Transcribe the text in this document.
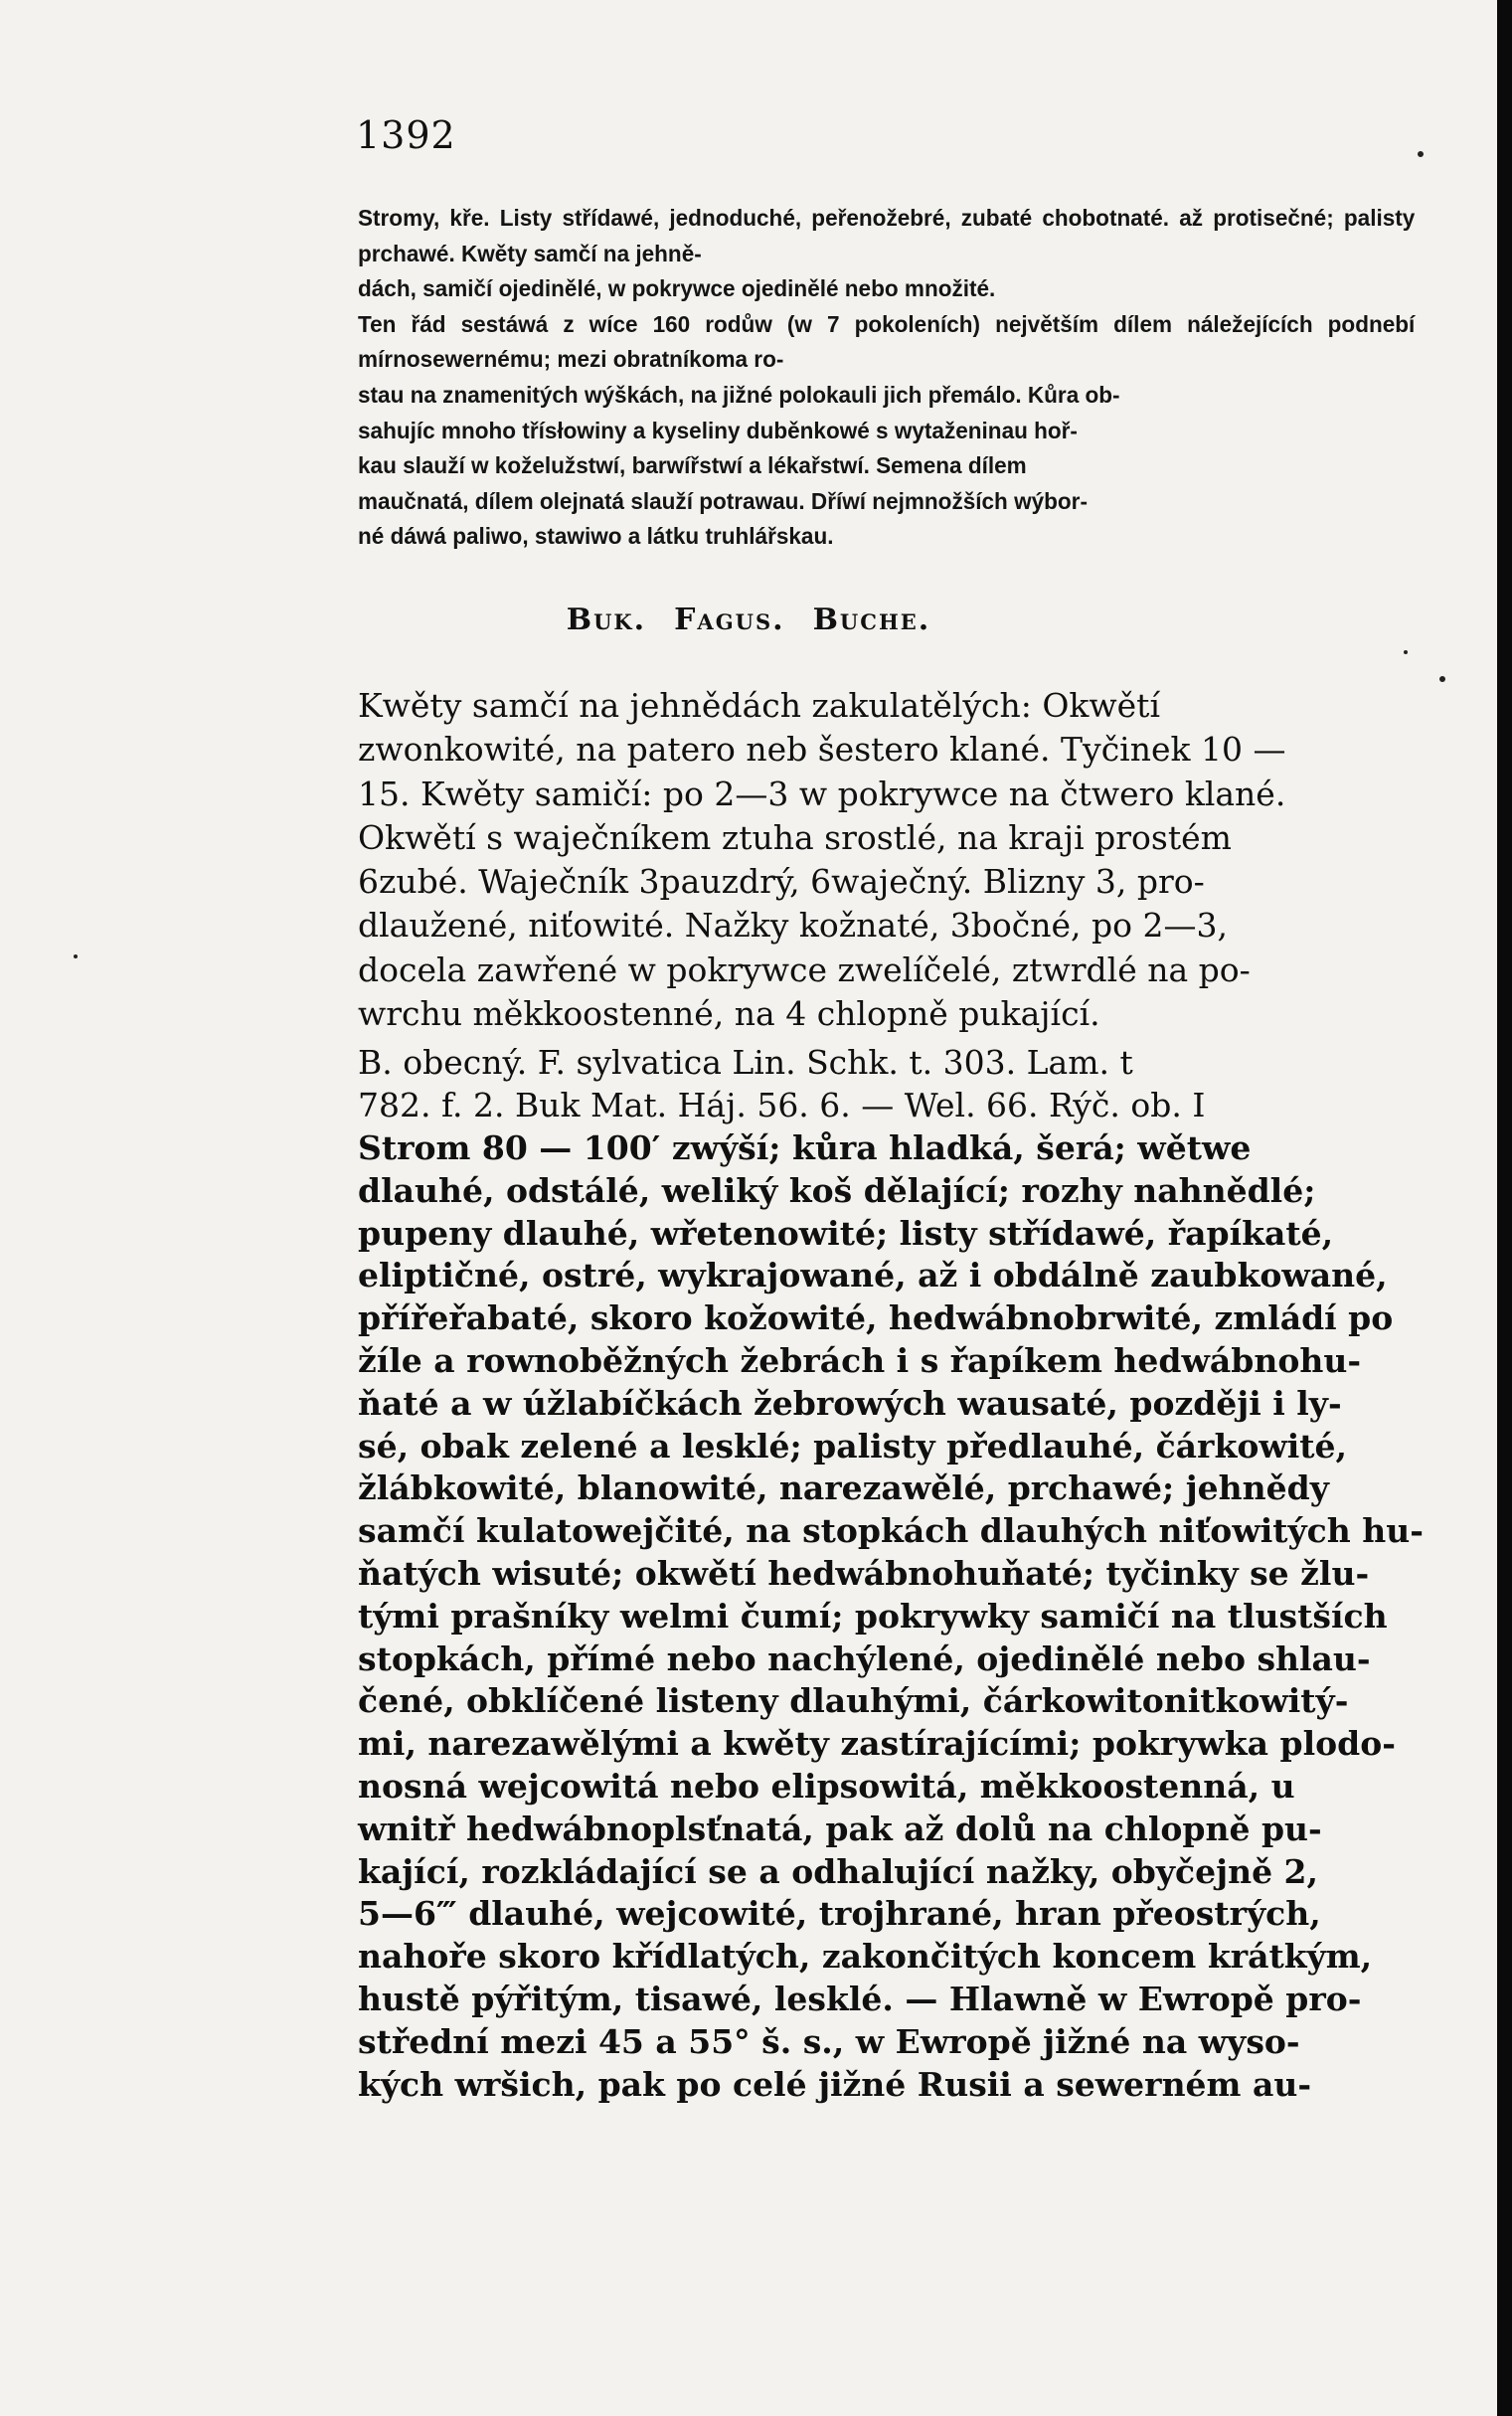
1392

Stromy, kře. Listy střídawé, jednoduché, peřenožebré, zubaté chobotnaté. až protisečné; palisty prchawé. Kwěty samčí na jehně-
dách, samičí ojedinělé, w pokrywce ojedinělé nebo množité.
Ten řád sestáwá z wíce 160 rodůw (w 7 pokoleních) největším dílem náležejících podnebí mírnosewernému; mezi obratníkoma ro-
stau na znamenitých wýškách, na jižné polokauli jich přemálo. Kůra ob-
sahujíc mnoho třísłowiny a kyseliny duběnkowé s wytaženinau hoř-
kau slauží w koželužstwí, barwířstwí a lékařstwí. Semena dílem
maučnatá, dílem olejnatá slauží potrawau. Dříwí nejmnožších wýbor-
né dáwá paliwo, stawiwo a látku truhlářskau.

Buk. Fagus. Buche.

Kwěty samčí na jehnědách zakulatělých: Okwětí
zwonkowité, na patero neb šestero klané. Tyčinek 10 —
15. Kwěty samičí: po 2—3 w pokrywce na čtwero klané.
Okwětí s waječníkem ztuha srostlé, na kraji prostém
6zubé. Waječník 3pauzdrý, 6waječný. Blizny 3, pro-
dlaužené, niťowité. Nažky kožnaté, 3bočné, po 2—3,
docela zawřené w pokrywce zwelíčelé, ztwrdlé na po-
wrchu měkkoostenné, na 4 chlopně pukající.

B. obecný. F. sylvatica Lin. Schk. t. 303. Lam. t
782. f. 2. Buk Mat. Háj. 56. 6. — Wel. 66. Rýč. ob. I

Strom 80 — 100′ zwýší; kůra hladká, šerá; wětwe
dlauhé, odstálé, weliký koš dělající; rozhy nahnědlé;
pupeny dlauhé, wřetenowité; listy střídawé, řapíkaté,
eliptičné, ostré, wykrajowané, až i obdálně zaubkowané,
přířeřabaté, skoro kožowité, hedwábnobrwité, zmládí po
žíle a rownoběžných žebrách i s řapíkem hedwábnohu-
ňaté a w úžlabíčkách žebrowých wausaté, později i ly-
sé, obak zelené a lesklé; palisty předlauhé, čárkowité,
žlábkowité, blanowité, narezawělé, prchawé; jehnědy
samčí kulatowejčité, na stopkách dlauhých niťowitých hu-
ňatých wisuté; okwětí hedwábnohuňaté; tyčinky se žlu-
tými prašníky welmi čumí; pokrywky samičí na tlustších
stopkách, přímé nebo nachýlené, ojedinělé nebo shlau-
čené, obklíčené listeny dlauhými, čárkowitonitkowitý-
mi, narezawělými a kwěty zastírajícími; pokrywka plodo-
nosná wejcowitá nebo elipsowitá, měkkoostenná, u
wnitř hedwábnoplsťnatá, pak až dolů na chlopně pu-
kající, rozkládající se a odhalující nažky, obyčejně 2,
5—6‴ dlauhé, wejcowité, trojhrané, hran přeostrých,
nahoře skoro křídlatých, zakončitých koncem krátkým,
hustě pýřitým, tisawé, lesklé. — Hlawně w Ewropě pro-
střední mezi 45 a 55° š. s., w Ewropě jižné na wyso-
kých wršich, pak po celé jižné Rusii a sewerném au-
